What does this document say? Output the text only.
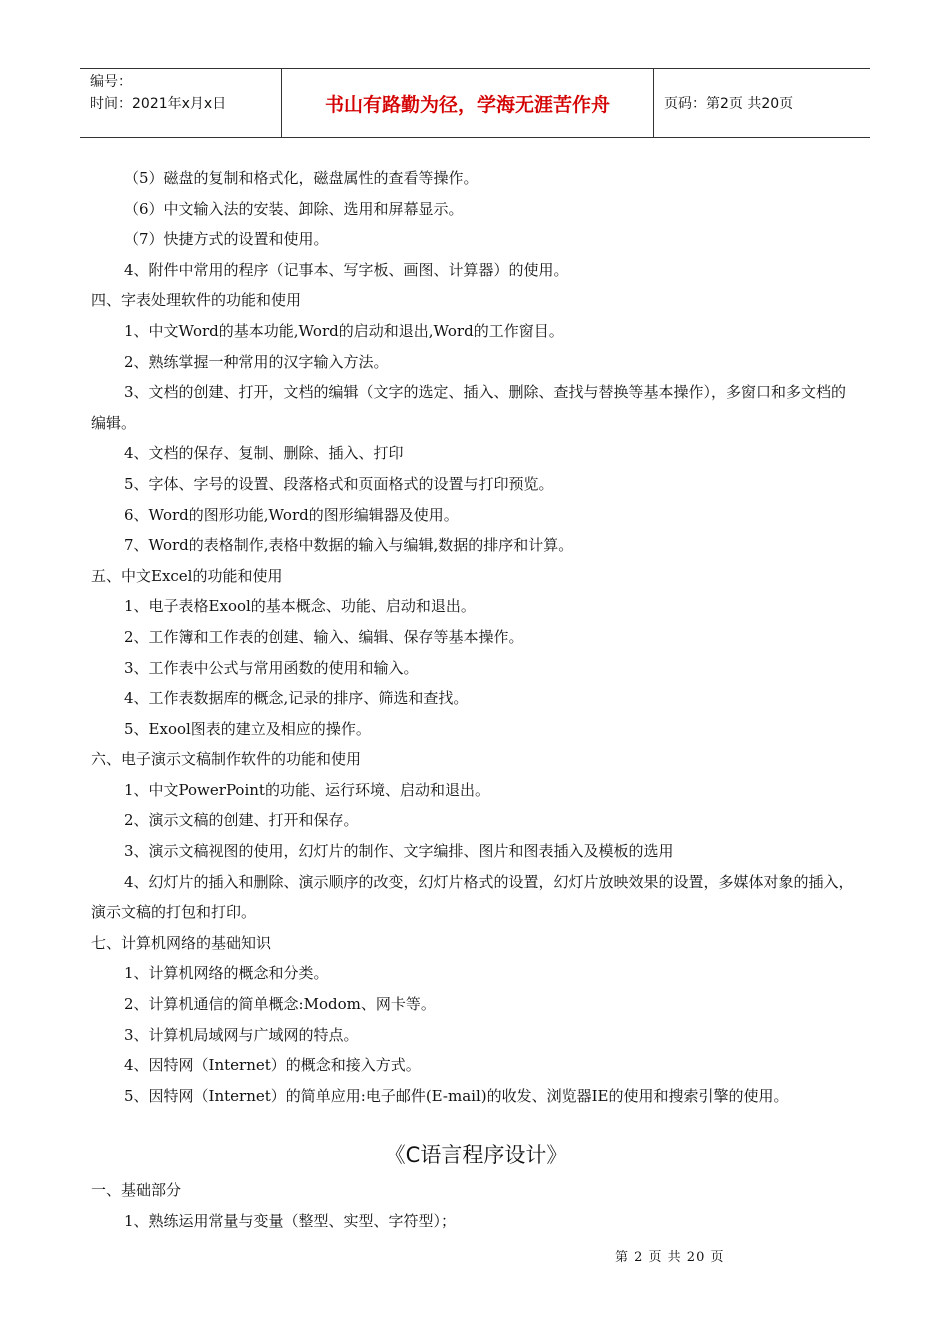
编号：
时间：2021年x月x日	书山有路勤为径，学海无涯苦作舟	页码：第2页 共20页
（5）磁盘的复制和格式化，磁盘属性的查看等操作。
（6）中文输入法的安装、卸除、选用和屏幕显示。
（7）快捷方式的设置和使用。
4、附件中常用的程序（记事本、写字板、画图、计算器）的使用。
四、字表处理软件的功能和使用
1、中文Word的基本功能,Word的启动和退出,Word的工作窗目。
2、熟练掌握一种常用的汉字输入方法。
3、文档的创建、打开，文档的编辑（文字的选定、插入、删除、查找与替换等基本操作），多窗口和多文档的编辑。
4、文档的保存、复制、删除、插入、打印
5、字体、字号的设置、段落格式和页面格式的设置与打印预览。
6、Word的图形功能,Word的图形编辑器及使用。
7、Word的表格制作,表格中数据的输入与编辑,数据的排序和计算。
五、中文Excel的功能和使用
1、电子表格Exool的基本概念、功能、启动和退出。
2、工作簿和工作表的创建、输入、编辑、保存等基本操作。
3、工作表中公式与常用函数的使用和输入。
4、工作表数据库的概念,记录的排序、筛选和查找。
5、Exool图表的建立及相应的操作。
六、电子演示文稿制作软件的功能和使用
1、中文PowerPoint的功能、运行环境、启动和退出。
2、演示文稿的创建、打开和保存。
3、演示文稿视图的使用，幻灯片的制作、文字编排、图片和图表插入及模板的选用
4、幻灯片的插入和删除、演示顺序的改变，幻灯片格式的设置，幻灯片放映效果的设置，多媒体对象的插入，演示文稿的打包和打印。
七、计算机网络的基础知识
1、计算机网络的概念和分类。
2、计算机通信的简单概念:Modom、网卡等。
3、计算机局域网与广域网的特点。
4、因特网（Internet）的概念和接入方式。
5、因特网（Internet）的简单应用:电子邮件(E-mail)的收发、浏览器IE的使用和搜索引擎的使用。
《C语言程序设计》
一、基础部分
1、熟练运用常量与变量（整型、实型、字符型）；
第 2 页 共 20 页
